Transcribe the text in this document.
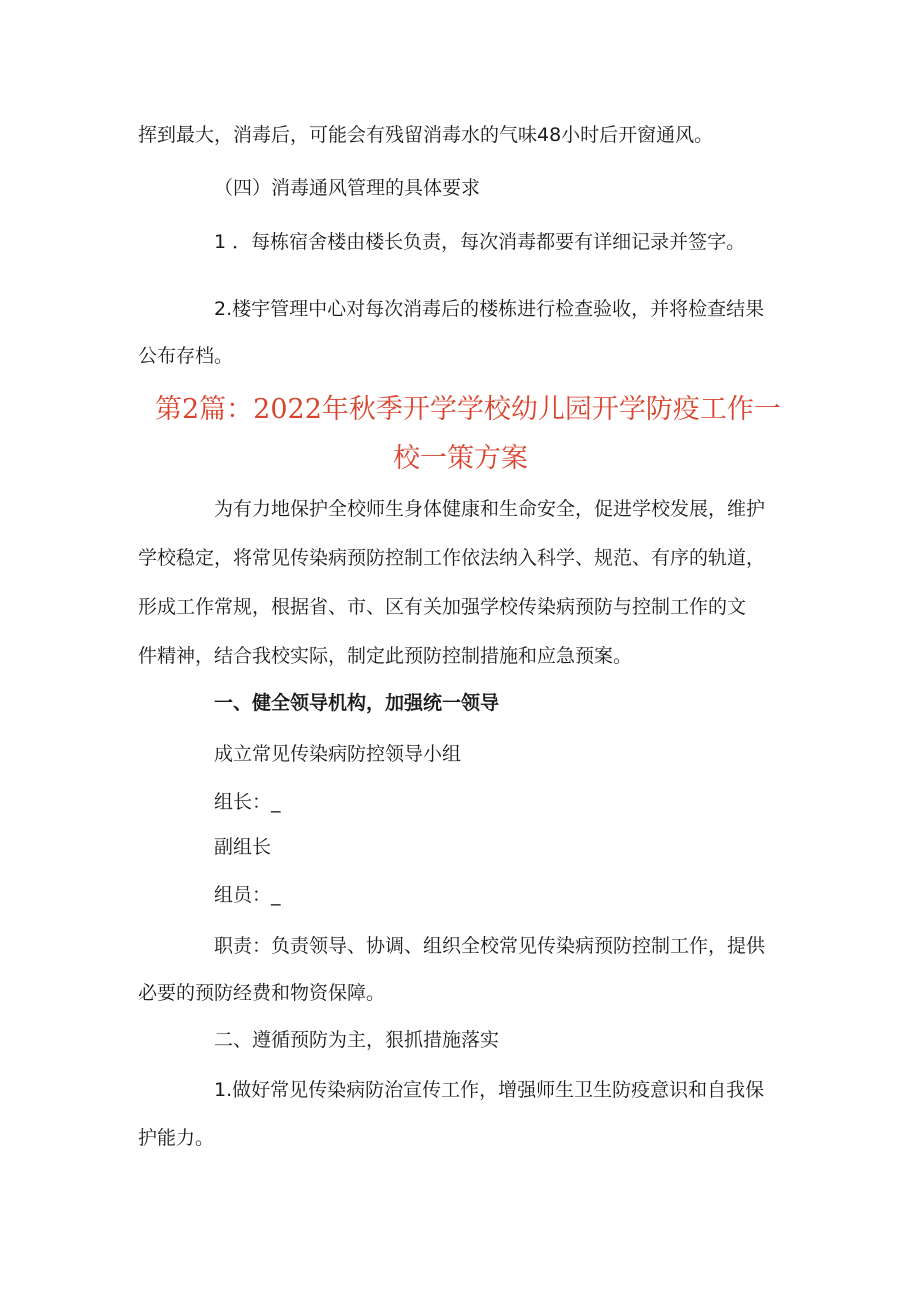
挥到最大，消毒后，可能会有残留消毒水的气味48小时后开窗通风。
（四）消毒通风管理的具体要求
1 ．每栋宿舍楼由楼长负责，每次消毒都要有详细记录并签字。
2.楼宇管理中心对每次消毒后的楼栋进行检查验收，并将检查结果
公布存档。
第2篇：2022年秋季开学学校幼儿园开学防疫工作一
校一策方案
为有力地保护全校师生身体健康和生命安全，促进学校发展，维护
学校稳定，将常见传染病预防控制工作依法纳入科学、规范、有序的轨道，
形成工作常规，根据省、市、区有关加强学校传染病预防与控制工作的文
件精神，结合我校实际，制定此预防控制措施和应急预案。
一、健全领导机构，加强统一领导
成立常见传染病防控领导小组
组长：_
副组长
组员：_
职责：负责领导、协调、组织全校常见传染病预防控制工作，提供
必要的预防经费和物资保障。
二、遵循预防为主，狠抓措施落实
1.做好常见传染病防治宣传工作，增强师生卫生防疫意识和自我保
护能力。
